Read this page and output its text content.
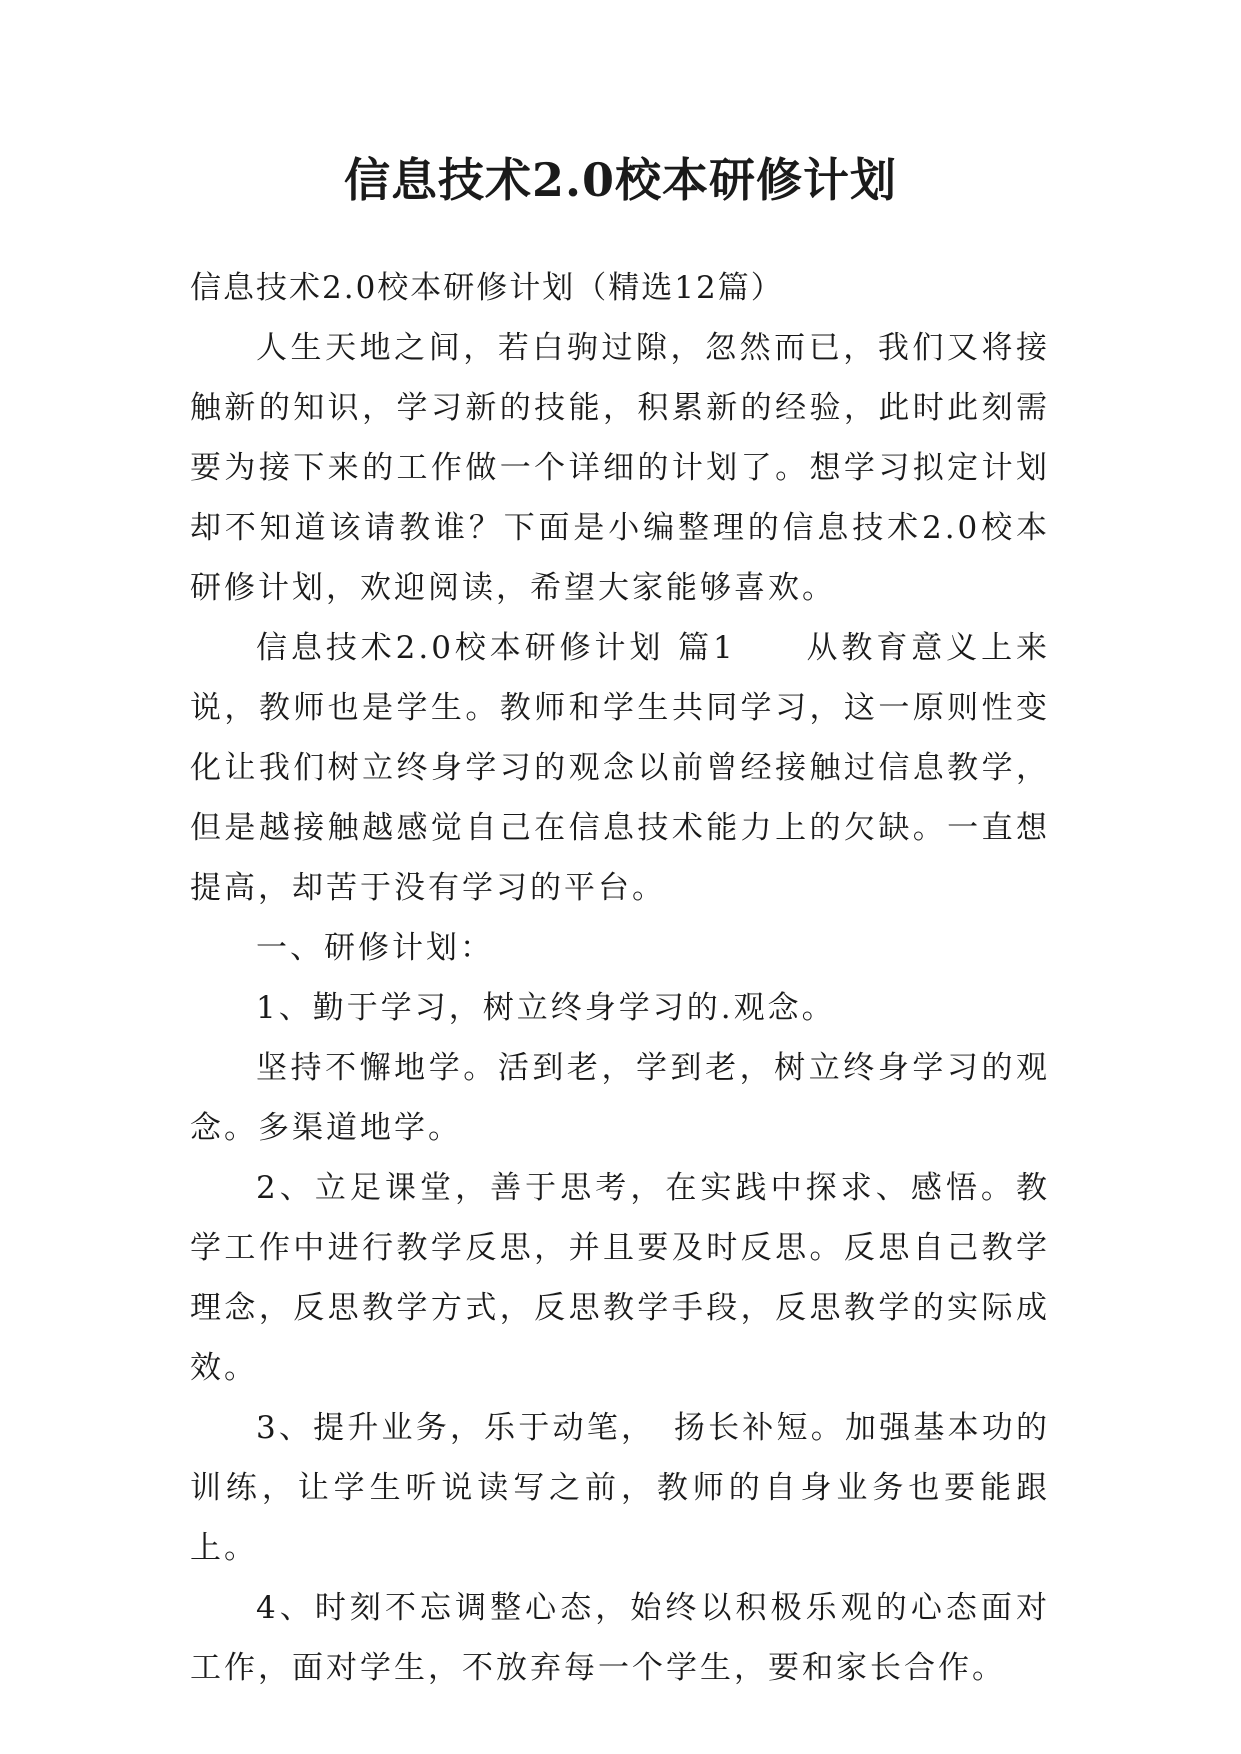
信息技术2.0校本研修计划

信息技术2.0校本研修计划（精选12篇）

人生天地之间，若白驹过隙，忽然而已，我们又将接触新的知识，学习新的技能，积累新的经验，此时此刻需要为接下来的工作做一个详细的计划了。想学习拟定计划却不知道该请教谁？下面是小编整理的信息技术2.0校本研修计划，欢迎阅读，希望大家能够喜欢。

信息技术2.0校本研修计划 篇1　　从教育意义上来说，教师也是学生。教师和学生共同学习，这一原则性变化让我们树立终身学习的观念以前曾经接触过信息教学，但是越接触越感觉自己在信息技术能力上的欠缺。一直想提高，却苦于没有学习的平台。

一、研修计划：

1、勤于学习，树立终身学习的.观念。

坚持不懈地学。活到老，学到老，树立终身学习的观念。多渠道地学。

2、立足课堂，善于思考，在实践中探求、感悟。教学工作中进行教学反思，并且要及时反思。反思自己教学理念，反思教学方式，反思教学手段，反思教学的实际成效。

3、提升业务，乐于动笔，　扬长补短。加强基本功的训练，让学生听说读写之前，教师的自身业务也要能跟上。

4、时刻不忘调整心态，始终以积极乐观的心态面对工作，面对学生，不放弃每一个学生，要和家长合作。
